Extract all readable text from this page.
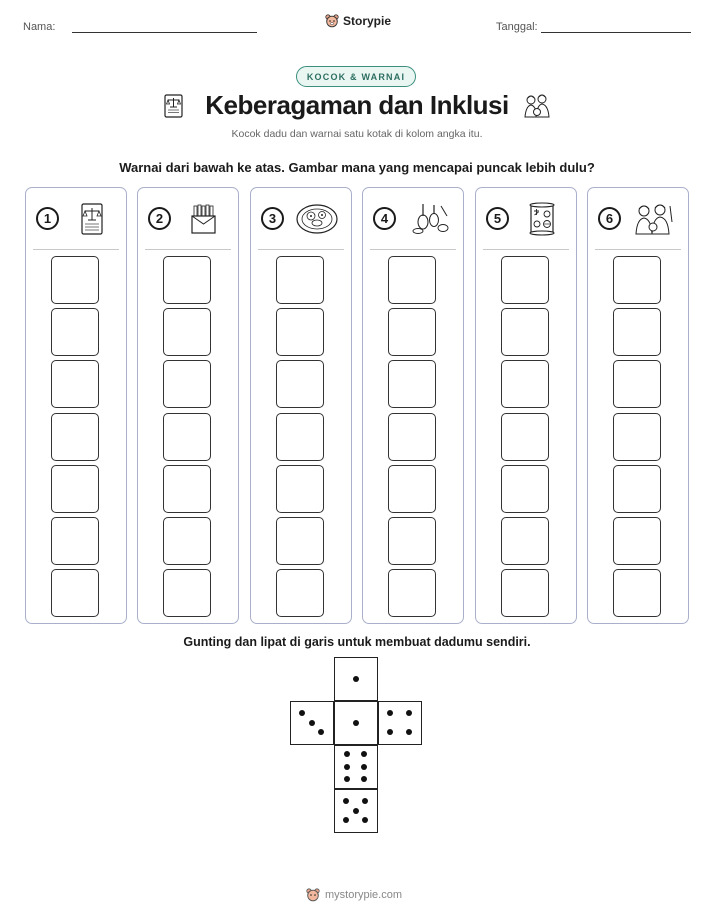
Nama:	Storypie	Tanggal:
KOCOK & WARNAI
Keberagaman dan Inklusi
Kocok dadu dan warnai satu kotak di kolom angka itu.
Warnai dari bawah ke atas. Gambar mana yang mencapai puncak lebih dulu?
1	2	3	4	5	6
Gunting dan lipat di garis untuk membuat dadumu sendiri.
mystorypie.com
